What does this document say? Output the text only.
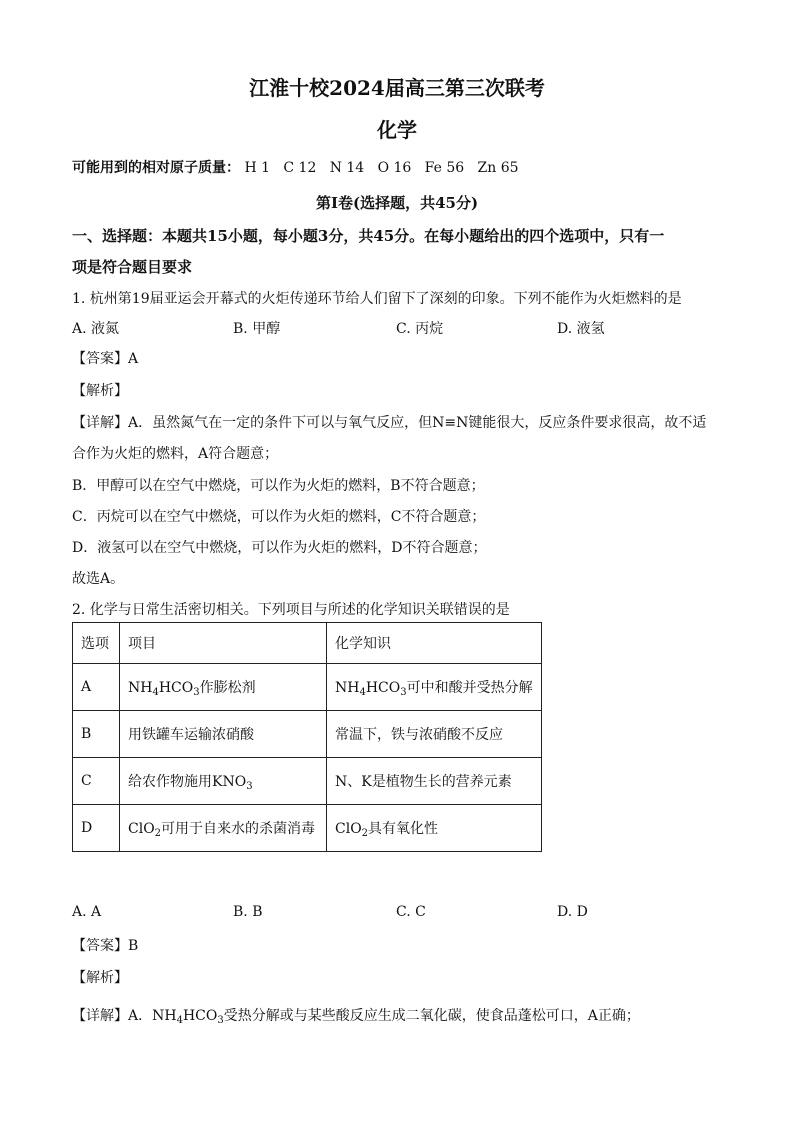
江淮十校2024届高三第三次联考
化学
可能用到的相对原子质量： H 1   C 12   N 14   O 16   Fe 56   Zn 65
第Ⅰ卷(选择题，共45分)
一、选择题：本题共15小题，每小题3分，共45分。在每小题给出的四个选项中，只有一
项是符合题目要求
1. 杭州第19届亚运会开幕式的火炬传递环节给人们留下了深刻的印象。下列不能作为火炬燃料的是
A. 液氮	B. 甲醇	C. 丙烷	D. 液氢
【答案】A
【解析】
【详解】A．虽然氮气在一定的条件下可以与氧气反应，但N≡N键能很大，反应条件要求很高，故不适
合作为火炬的燃料，A符合题意；
B．甲醇可以在空气中燃烧，可以作为火炬的燃料，B不符合题意；
C．丙烷可以在空气中燃烧，可以作为火炬的燃料，C不符合题意；
D．液氢可以在空气中燃烧，可以作为火炬的燃料，D不符合题意；
故选A。
2. 化学与日常生活密切相关。下列项目与所述的化学知识关联错误的是
选项	项目	化学知识
A	$NH_4HCO_3$作膨松剂	$NH_4HCO_3$可中和酸并受热分解
B	用铁罐车运输浓硝酸	常温下，铁与浓硝酸不反应
C	给农作物施用$KNO_3$	N、K是植物生长的营养元素
D	ClO$_2$可用于自来水的杀菌消毒	ClO$_2$具有氧化性
A. A	B. B	C. C	D. D
【答案】B
【解析】
【详解】A．$NH_4HCO_3$受热分解或与某些酸反应生成二氧化碳，使食品蓬松可口，A正确；
